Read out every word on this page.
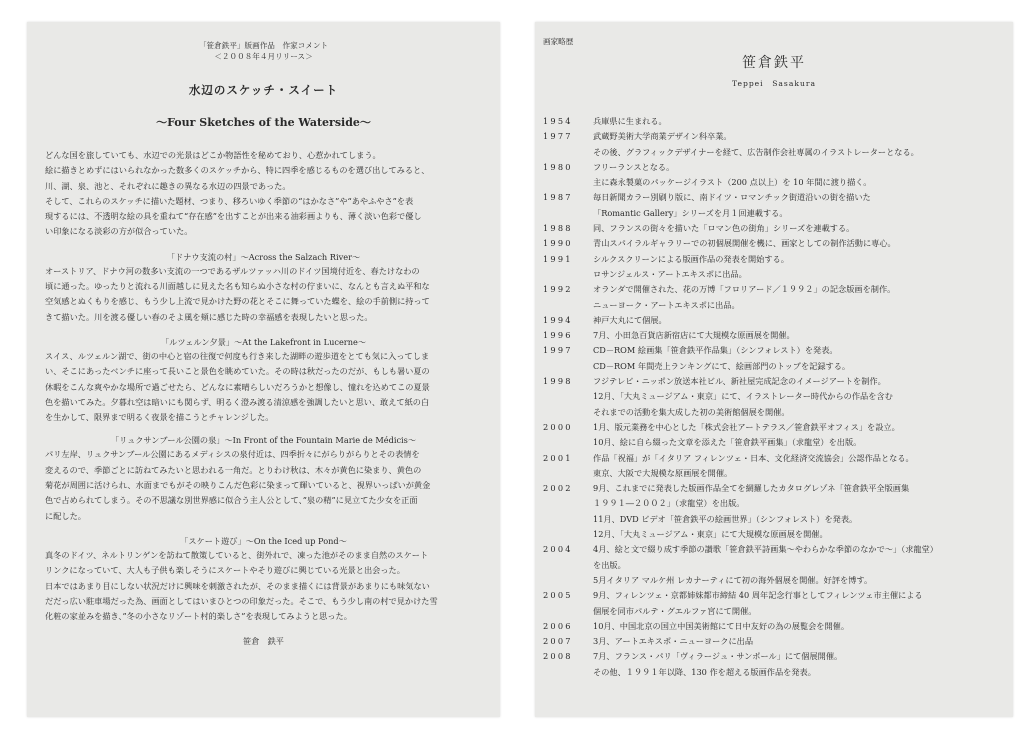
「笹倉鉄平」版画作品　作家コメント
＜２００８年４月リリース＞
水辺のスケッチ・スイート
～Four Sketches of the Waterside～
どんな国を旅していても、水辺での光景はどこか物語性を秘めており、心惹かれてしまう。
絵に描きとめずにはいられなかった数多くのスケッチから、特に四季を感じるものを選び出してみると、
川、湖、泉、池と、それぞれに趣きの異なる水辺の四景であった。
そして、これらのスケッチに描いた題材、つまり、移ろいゆく季節の“はかなさ”や“あやふやさ”を表
現するには、不透明な絵の具を重ねて“存在感”を出すことが出来る油彩画よりも、薄く淡い色彩で優し
い印象になる淡彩の方が似合っていた。
「ドナウ支流の村」～Across the Salzach River～
オーストリア、ドナウ河の数多い支流の一つであるザルツァッハ川のドイツ国境付近を、春たけなわの
頃に通った。ゆったりと流れる川面越しに見えた名も知らぬ小さな村の佇まいに、なんとも言えぬ平和な
空気感とぬくもりを感じ、もう少し上流で見かけた野の花とそこに舞っていた蝶を、絵の手前側に持って
きて描いた。川を渡る優しい春のそよ風を頬に感じた時の幸福感を表現したいと思った。
「ルツェルン夕景」～At the Lakefront in Lucerne～
スイス、ルツェルン湖で、街の中心と宿の往復で何度も行き来した湖畔の遊歩道をとても気に入ってしま
い、そこにあったベンチに座って長いこと景色を眺めていた。その時は秋だったのだが、もしも暑い夏の
休暇をこんな爽やかな場所で過ごせたら、どんなに素晴らしいだろうかと想像し、憧れを込めてこの夏景
色を描いてみた。夕暮れ空は暗いにも関らず、明るく澄み渡る清涼感を強調したいと思い、敢えて紙の白
を生かして、限界まで明るく夜景を描こうとチャレンジした。
「リュクサンブール公園の泉」～In Front of the Fountain Marie de Médicis～
パリ左岸、リュクサンブール公園にあるメディシスの泉付近は、四季折々にがらりがらりとその表情を
変えるので、季節ごとに訪ねてみたいと思われる一角だ。とりわけ秋は、木々が黄色に染まり、黄色の
菊花が周囲に活けられ、水面までもがその映りこんだ色彩に染まって輝いていると、視界いっぱいが黄金
色で占められてしまう。その不思議な別世界感に似合う主人公として、”泉の精”に見立てた少女を正面
に配した。
「スケート遊び」～On the Iced up Pond～
真冬のドイツ、ネルトリンゲンを訪ねて散策していると、街外れで、凍った池がそのまま自然のスケート
リンクになっていて、大人も子供も楽しそうにスケートやそり遊びに興じている光景と出会った。
日本ではあまり目にしない状況だけに興味を刺激されたが、そのまま描くには背景があまりにも味気ない
だだっ広い駐車場だった為、画面としてはいまひとつの印象だった。そこで、もう少し南の村で見かけた雪
化粧の家並みを描き、”冬の小さなリゾート村的楽しさ”を表現してみようと思った。
笹倉　鉄平
画家略歴
笹倉鉄平
Teppei　Sasakura
1954	兵庫県に生まれる。
1977	武蔵野美術大学商業デザイン科卒業。
その後、グラフィックデザイナーを経て、広告制作会社専属のイラストレーターとなる。
1980	フリーランスとなる。
主に森永製菓のパッケージイラスト（200 点以上）を 10 年間に渡り描く。
1987	毎日新聞カラー別刷り版に、南ドイツ・ロマンチック街道沿いの街を描いた
「Romantic Gallery」シリーズを月１回連載する。
1988	同、フランスの街々を描いた「ロマン色の街角」シリーズを連載する。
1990	青山スパイラルギャラリーでの初個展開催を機に、画家としての制作活動に専心。
1991	シルクスクリーンによる版画作品の発表を開始する。
ロサンジェルス・アートエキスポに出品。
1992	オランダで開催された、花の万博「フロリアード／１９９２」の記念版画を制作。
ニューヨーク・アートエキスポに出品。
1994	神戸大丸にて個展。
1996	7月、小田急百貨店新宿店にて大規模な原画展を開催。
1997	CD－ROM 絵画集「笹倉鉄平作品集」（シンフォレスト）を発表。
CD－ROM 年間売上ランキングにて、絵画部門のトップを記録する。
1998	フジテレビ・ニッポン放送本社ビル、新社屋完成記念のイメージアートを制作。
12月、「大丸ミュージアム・東京」にて、イラストレーター時代からの作品を含む
それまでの活動を集大成した初の美術館個展を開催。
2000	1月、版元業務を中心とした「株式会社アートテラス／笹倉鉄平オフィス」を設立。
10月、絵に自ら綴った文章を添えた「笹倉鉄平画集」（求龍堂）を出版。
2001	作品「祝福」が「イタリア フィレンツェ・日本、文化経済交流協会」公認作品となる。
東京、大阪で大規模な原画展を開催。
2002	9月、これまでに発表した版画作品全てを網羅したカタログレゾネ「笹倉鉄平全版画集
１９９１―２００２」（求龍堂）を出版。
11月、DVD ビデオ「笹倉鉄平の絵画世界」（シンフォレスト）を発表。
12月、「大丸ミュージアム・東京」にて大規模な原画展を開催。
2004	4月、絵と文で綴り成す季節の讃歌「笹倉鉄平詩画集～やわらかな季節のなかで～」（求龍堂）
を出版。
5月イタリア マルケ州 レカナーティにて初の海外個展を開催。好評を博す。
2005	9月、フィレンツェ・京都姉妹都市締結 40 周年記念行事としてフィレンツェ市主催による
個展を同市パルテ・グエルファ宮にて開催。
2006	10月、中国北京の国立中国美術館にて日中友好の為の展覧会を開催。
2007	3月、アートエキスポ・ニューヨークに出品
2008	7月、フランス・パリ「ヴィラージュ・サンポール」にて個展開催。
その他、１９９１年以降、130 作を超える版画作品を発表。
